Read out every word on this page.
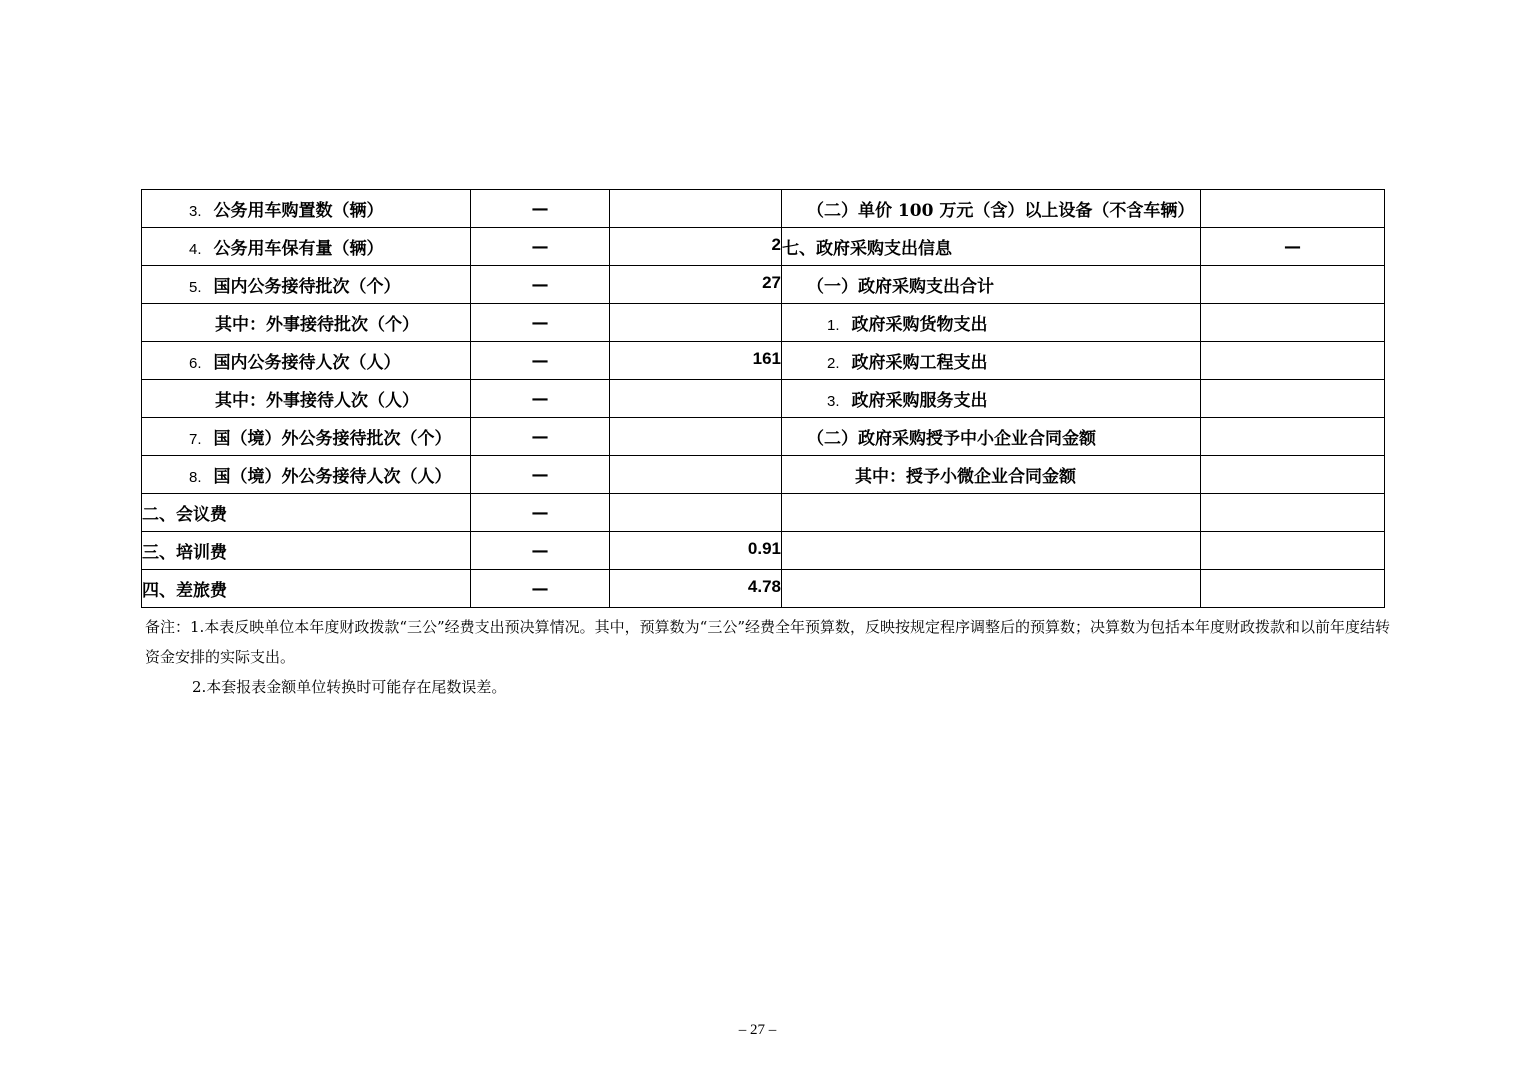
3. 公务用车购置数（辆）	—		（二）单价 100 万元（含）以上设备（不含车辆）	
4. 公务用车保有量（辆）	—	2	七、政府采购支出信息	—
5. 国内公务接待批次（个）	—	27	（一）政府采购支出合计	
其中：外事接待批次（个）	—		1. 政府采购货物支出	
6. 国内公务接待人次（人）	—	161	2. 政府采购工程支出	
其中：外事接待人次（人）	—		3. 政府采购服务支出	
7. 国（境）外公务接待批次（个）	—		（二）政府采购授予中小企业合同金额	
8. 国（境）外公务接待人次（人）	—		其中：授予小微企业合同金额	
二、会议费	—			
三、培训费	—	0.91		
四、差旅费	—	4.78		

备注：1.本表反映单位本年度财政拨款“三公”经费支出预决算情况。其中，预算数为“三公”经费全年预算数，反映按规定程序调整后的预算数；决算数为包括本年度财政拨款和以前年度结转资金安排的实际支出。

2.本套报表金额单位转换时可能存在尾数误差。

– 27 –
